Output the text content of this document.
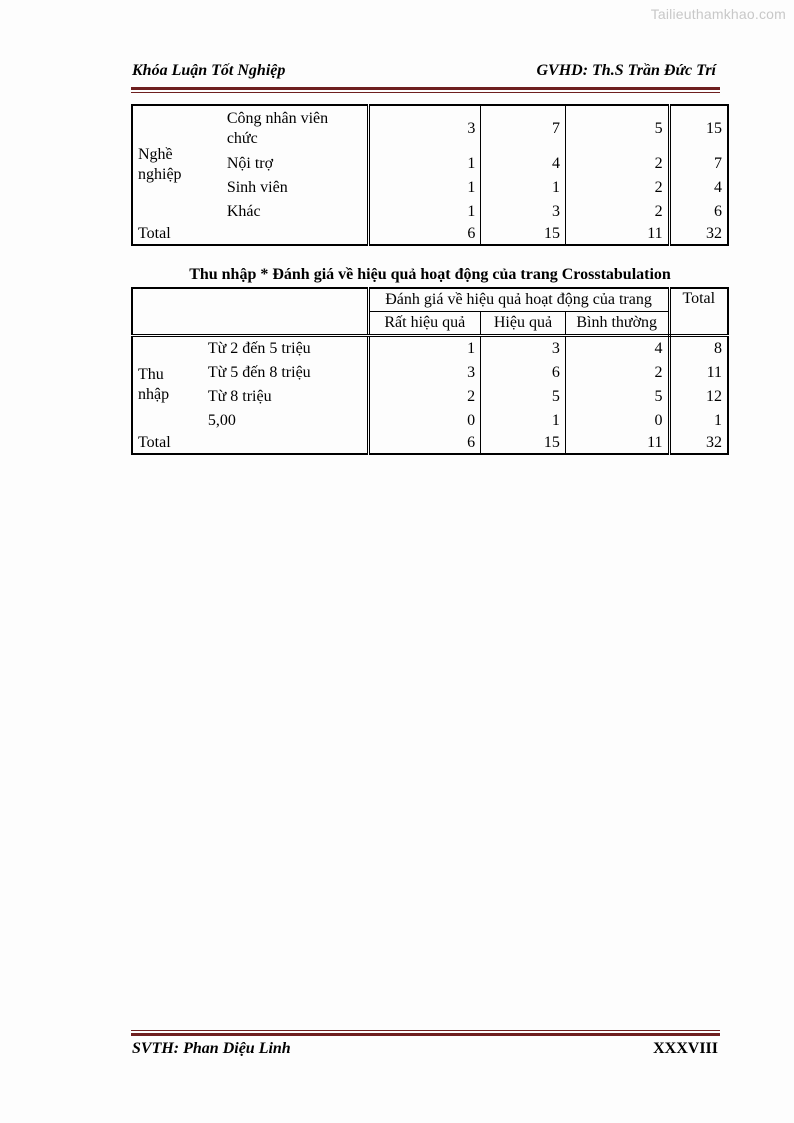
Tailieuthamkhao.com
Khóa Luận Tốt Nghiệp	GVHD: Th.S Trần Đức Trí
Nghề nghiệp	Công nhân viên chức	3	7	5	15
	Nội trợ	1	4	2	7
	Sinh viên	1	1	2	4
	Khác	1	3	2	6
Total		6	15	11	32
Thu nhập * Đánh giá về hiệu quả hoạt động của trang Crosstabulation
		Đánh giá về hiệu quả hoạt động của trang			Total
		Rất hiệu quả	Hiệu quả	Bình thường	
Thu nhập	Từ 2 đến 5 triệu	1	3	4	8
	Từ 5 đến 8 triệu	3	6	2	11
	Từ 8 triệu	2	5	5	12
	5,00	0	1	0	1
Total		6	15	11	32
SVTH: Phan Diệu Linh	XXXVIII
